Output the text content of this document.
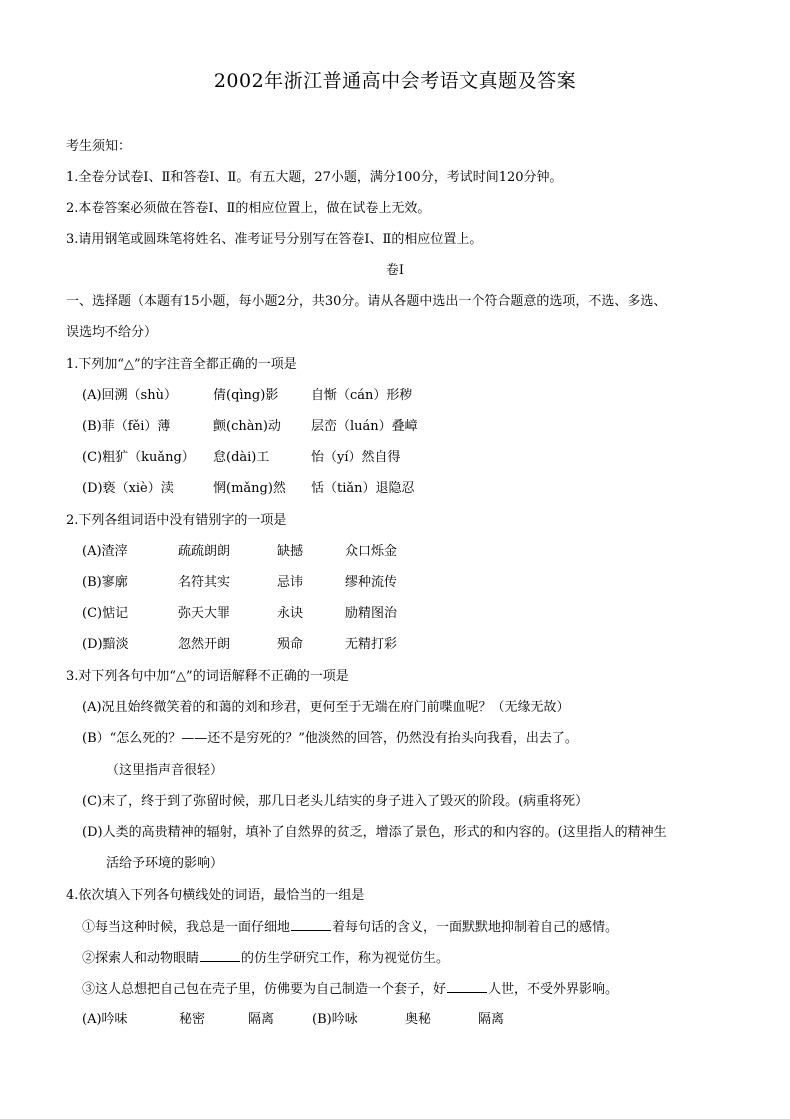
2002年浙江普通高中会考语文真题及答案
考生须知：
1.全卷分试卷Ⅰ、Ⅱ和答卷Ⅰ、Ⅱ。有五大题，27小题，满分100分，考试时间120分钟。
2.本卷答案必须做在答卷Ⅰ、Ⅱ的相应位置上，做在试卷上无效。
3.请用钢笔或圆珠笔将姓名、准考证号分别写在答卷Ⅰ、Ⅱ的相应位置上。
卷Ⅰ
一、选择题（本题有15小题，每小题2分，共30分。请从各题中选出一个符合题意的选项，不选、多选、
误选均不给分）
1.下列加“△”的字注音全都正确的一项是
(A)回溯（shù）	倩(qìng)影	自惭（cán）形秽
(B)菲（fěi）薄	颤(chàn)动 层峦（luán）叠嶂
(C)粗犷（kuǎng） 怠(dài)工	怡（yí）然自得
(D)亵（xiè）渎	惘(mǎng)然 恬（tiǎn）退隐忍
2.下列各组词语中没有错别字的一项是
(A)渣滓	疏疏朗朗	缺撼	众口烁金
(B)寥廓	名符其实	忌讳	缪种流传
(C)惦记	弥天大罪	永诀	励精图治
(D)黯淡	忽然开朗	殒命	无精打彩
3.对下列各句中加“△”的词语解释不正确的一项是
(A)况且始终微笑着的和蔼的刘和珍君，更何至于无端在府门前喋血呢？（无缘无故）
(B）“怎么死的？——还不是穷死的？”他淡然的回答，仍然没有抬头向我看，出去了。
（这里指声音很轻）
(C)末了，终于到了弥留时候，那几日老头儿结实的身子进入了毁灭的阶段。(病重将死）
(D)人类的高贵精神的辐射，填补了自然界的贫乏，增添了景色，形式的和内容的。(这里指人的精神生
活给予环境的影响）
4.依次填入下列各句横线处的词语，最恰当的一组是
①每当这种时候，我总是一面仔细地	着每句话的含义，一面默默地抑制着自己的感情。
②探索人和动物眼睛	的仿生学研究工作，称为视觉仿生。
③这人总想把自己包在壳子里，仿佛要为自己制造一个套子，好	人世，不受外界影响。
(A)吟味	秘密	隔离	(B)吟咏	奥秘	隔离
